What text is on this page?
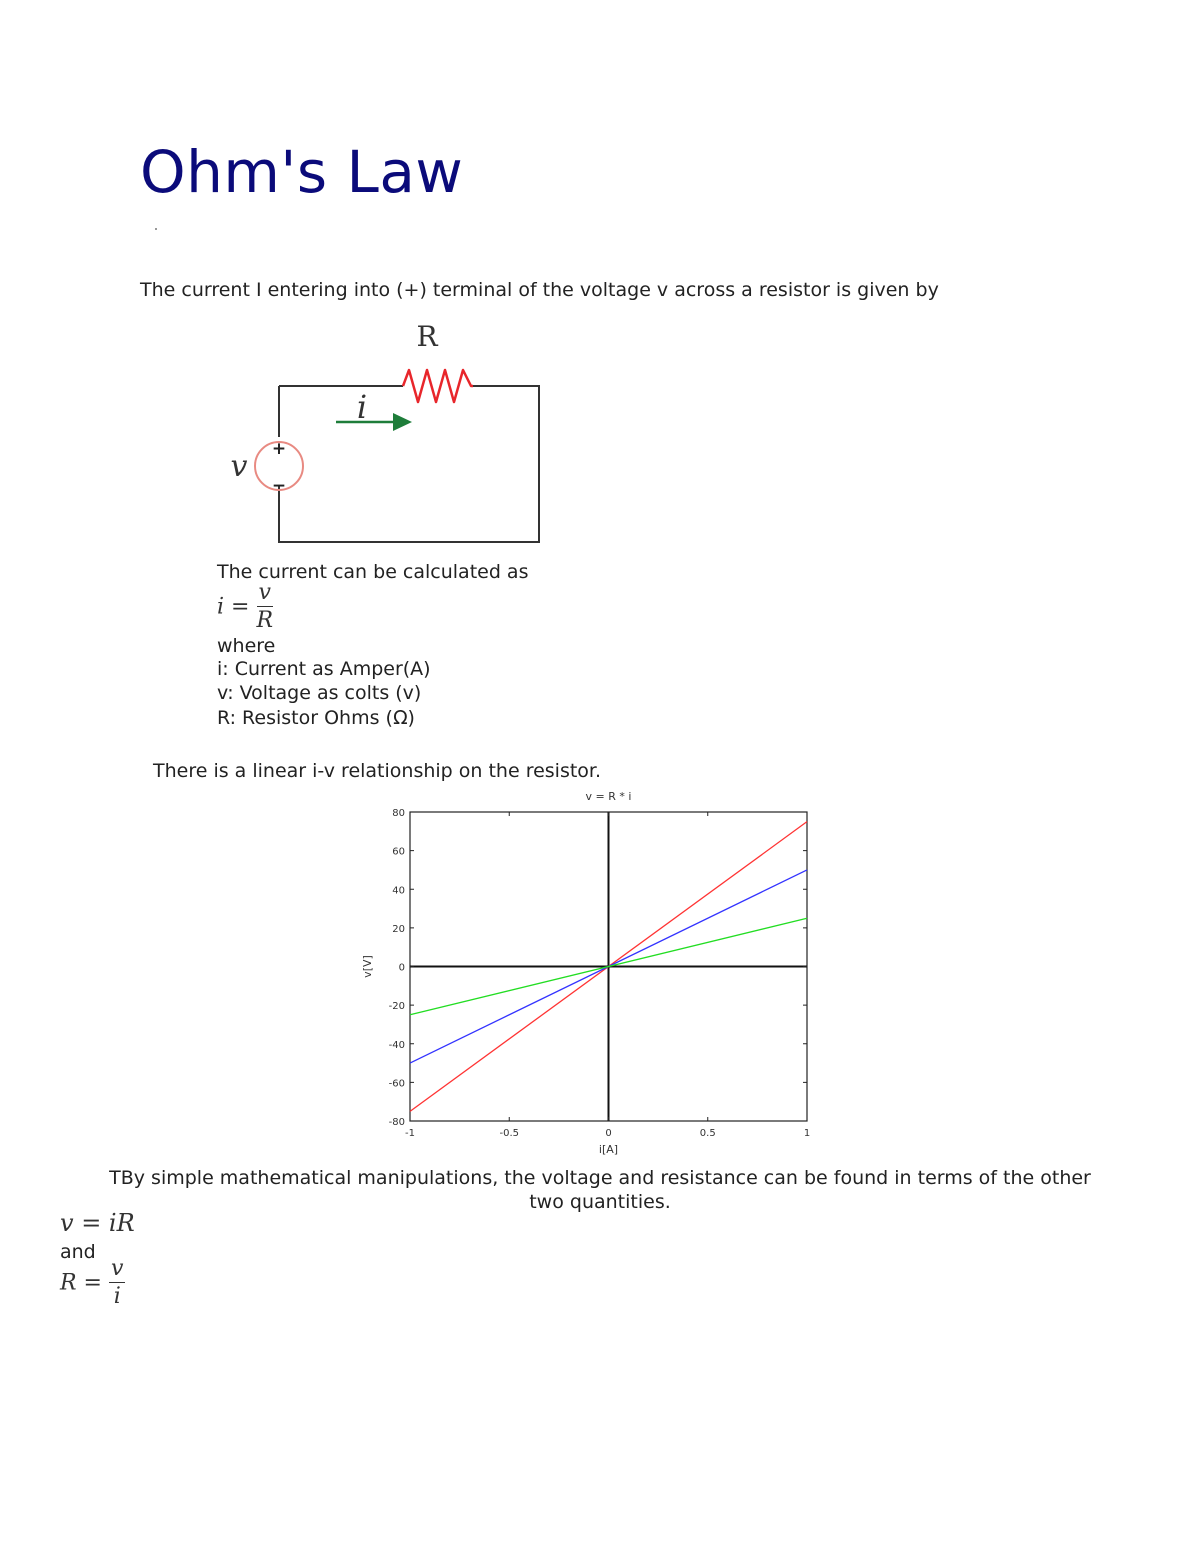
Ohm's Law
The current I entering into (+) terminal of the voltage v across a resistor is given by
R
i
v +
−
The current can be calculated as
$i = \frac{v}{R}$
where
i: Current as Amper(A)
v: Voltage as colts (v)
R: Resistor Ohms (Ω)
There is a linear i-v relationship on the resistor.
-1	-0.5	0	0.5	1
-80
-60
-40
-20
0
20
40
60
80
v = R * i
i[A]
v[V]
TBy simple mathematical manipulations, the voltage and resistance can be found in terms of the other
two quantities.
v = iR
and
$R = \frac{v}{i}$
